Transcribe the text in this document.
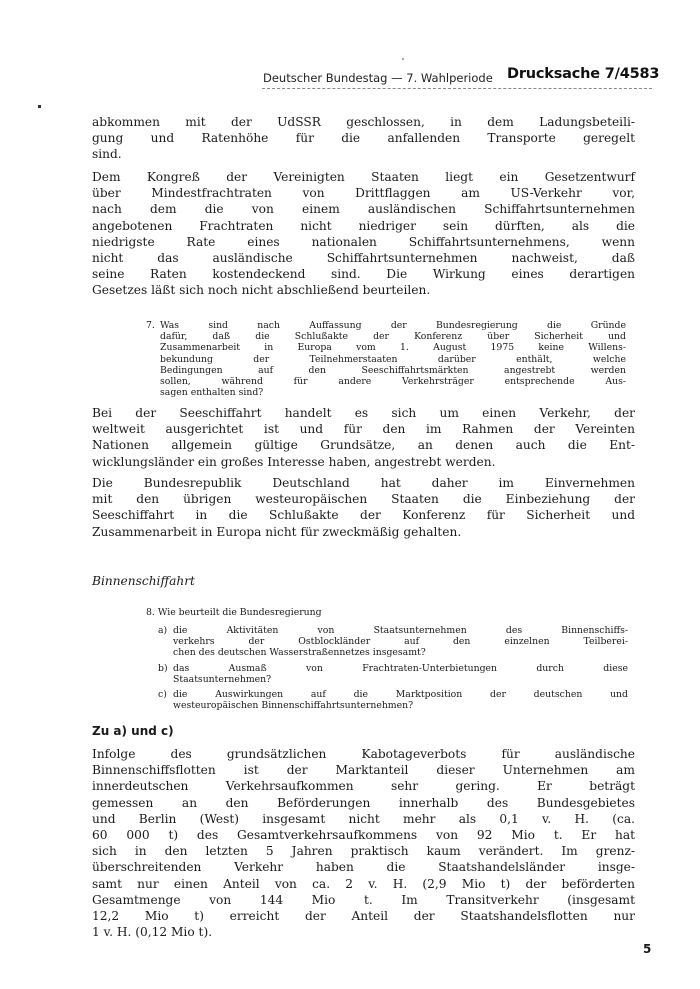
Deutscher Bundestag — 7. Wahlperiode Drucksache 7/4583
abkommen mit der UdSSR geschlossen, in dem Ladungsbeteili-
gung und Ratenhöhe für die anfallenden Transporte geregelt
sind.
Dem Kongreß der Vereinigten Staaten liegt ein Gesetzentwurf
über Mindestfrachtraten von Drittflaggen am US-Verkehr vor,
nach dem die von einem ausländischen Schiffahrtsunternehmen
angebotenen Frachtraten nicht niedriger sein dürften, als die
niedrigste Rate eines nationalen Schiffahrtsunternehmens, wenn
nicht das ausländische Schiffahrtsunternehmen nachweist, daß
seine Raten kostendeckend sind. Die Wirkung eines derartigen
Gesetzes läßt sich noch nicht abschließend beurteilen.
7. Was sind nach Auffassung der Bundesregierung die Gründe
dafür, daß die Schlußakte der Konferenz über Sicherheit und
Zusammenarbeit in Europa vom 1. August 1975 keine Willens-
bekundung der Teilnehmerstaaten darüber enthält, welche
Bedingungen auf den Seeschiffahrtsmärkten angestrebt werden
sollen, während für andere Verkehrsträger entsprechende Aus-
sagen enthalten sind?
Bei der Seeschiffahrt handelt es sich um einen Verkehr, der
weltweit ausgerichtet ist und für den im Rahmen der Vereinten
Nationen allgemein gültige Grundsätze, an denen auch die Ent-
wicklungsländer ein großes Interesse haben, angestrebt werden.
Die Bundesrepublik Deutschland hat daher im Einvernehmen
mit den übrigen westeuropäischen Staaten die Einbeziehung der
Seeschiffahrt in die Schlußakte der Konferenz für Sicherheit und
Zusammenarbeit in Europa nicht für zweckmäßig gehalten.
Binnenschiffahrt
8. Wie beurteilt die Bundesregierung
a) die Aktivitäten von Staatsunternehmen des Binnenschiffs-
verkehrs der Ostblockländer auf den einzelnen Teilberei-
chen des deutschen Wasserstraßennetzes insgesamt?
b) das Ausmaß von Frachtraten-Unterbietungen durch diese
Staatsunternehmen?
c) die Auswirkungen auf die Marktposition der deutschen und
westeuropäischen Binnenschiffahrtsunternehmen?
Zu a) und c)
Infolge des grundsätzlichen Kabotageverbots für ausländische
Binnenschiffsflotten ist der Marktanteil dieser Unternehmen am
innerdeutschen Verkehrsaufkommen sehr gering. Er beträgt
gemessen an den Beförderungen innerhalb des Bundesgebietes
und Berlin (West) insgesamt nicht mehr als 0,1 v. H. (ca.
60 000 t) des Gesamtverkehrsaufkommens von 92 Mio t. Er hat
sich in den letzten 5 Jahren praktisch kaum verändert. Im grenz-
überschreitenden Verkehr haben die Staatshandelsländer insge-
samt nur einen Anteil von ca. 2 v. H. (2,9 Mio t) der beförderten
Gesamtmenge von 144 Mio t. Im Transitverkehr (insgesamt
12,2 Mio t) erreicht der Anteil der Staatshandelsflotten nur
1 v. H. (0,12 Mio t).
5
